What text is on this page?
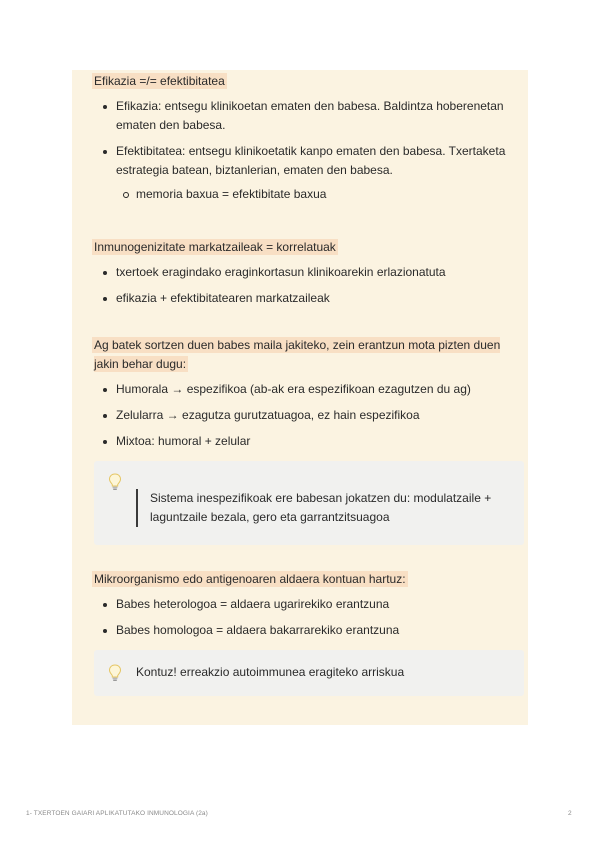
Efikazia =/= efektibitatea

Efikazia: entsegu klinikoetan ematen den babesa. Baldintza hoberenetan ematen den babesa.
Efektibitatea: entsegu klinikoetatik kanpo ematen den babesa. Txertaketa estrategia batean, biztanlerian, ematen den babesa.
memoria baxua = efektibitate baxua

Inmunogenizitate markatzaileak = korrelatuak

txertoek eragindako eraginkortasun klinikoarekin erlazionatuta
efikazia + efektibitatearen markatzaileak

Ag batek sortzen duen babes maila jakiteko, zein erantzun mota pizten duen jakin behar dugu:

Humorala → espezifikoa (ab-ak era espezifikoan ezagutzen du ag)
Zelularra → ezagutza gurutzatuagoa, ez hain espezifikoa
Mixtoa: humoral + zelular
Sistema inespezifikoak ere babesan jokatzen du: modulatzaile + laguntzaile bezala, gero eta garrantzitsuagoa

Mikroorganismo edo antigenoaren aldaera kontuan hartuz:

Babes heterologoa = aldaera ugarirekiko erantzuna
Babes homologoa = aldaera bakarrarekiko erantzuna
Kontuz! erreakzio autoimmunea eragiteko arriskua
1- TXERTOEN GAIARI APLIKATUTAKO INMUNOLOGIA (2a)	2
